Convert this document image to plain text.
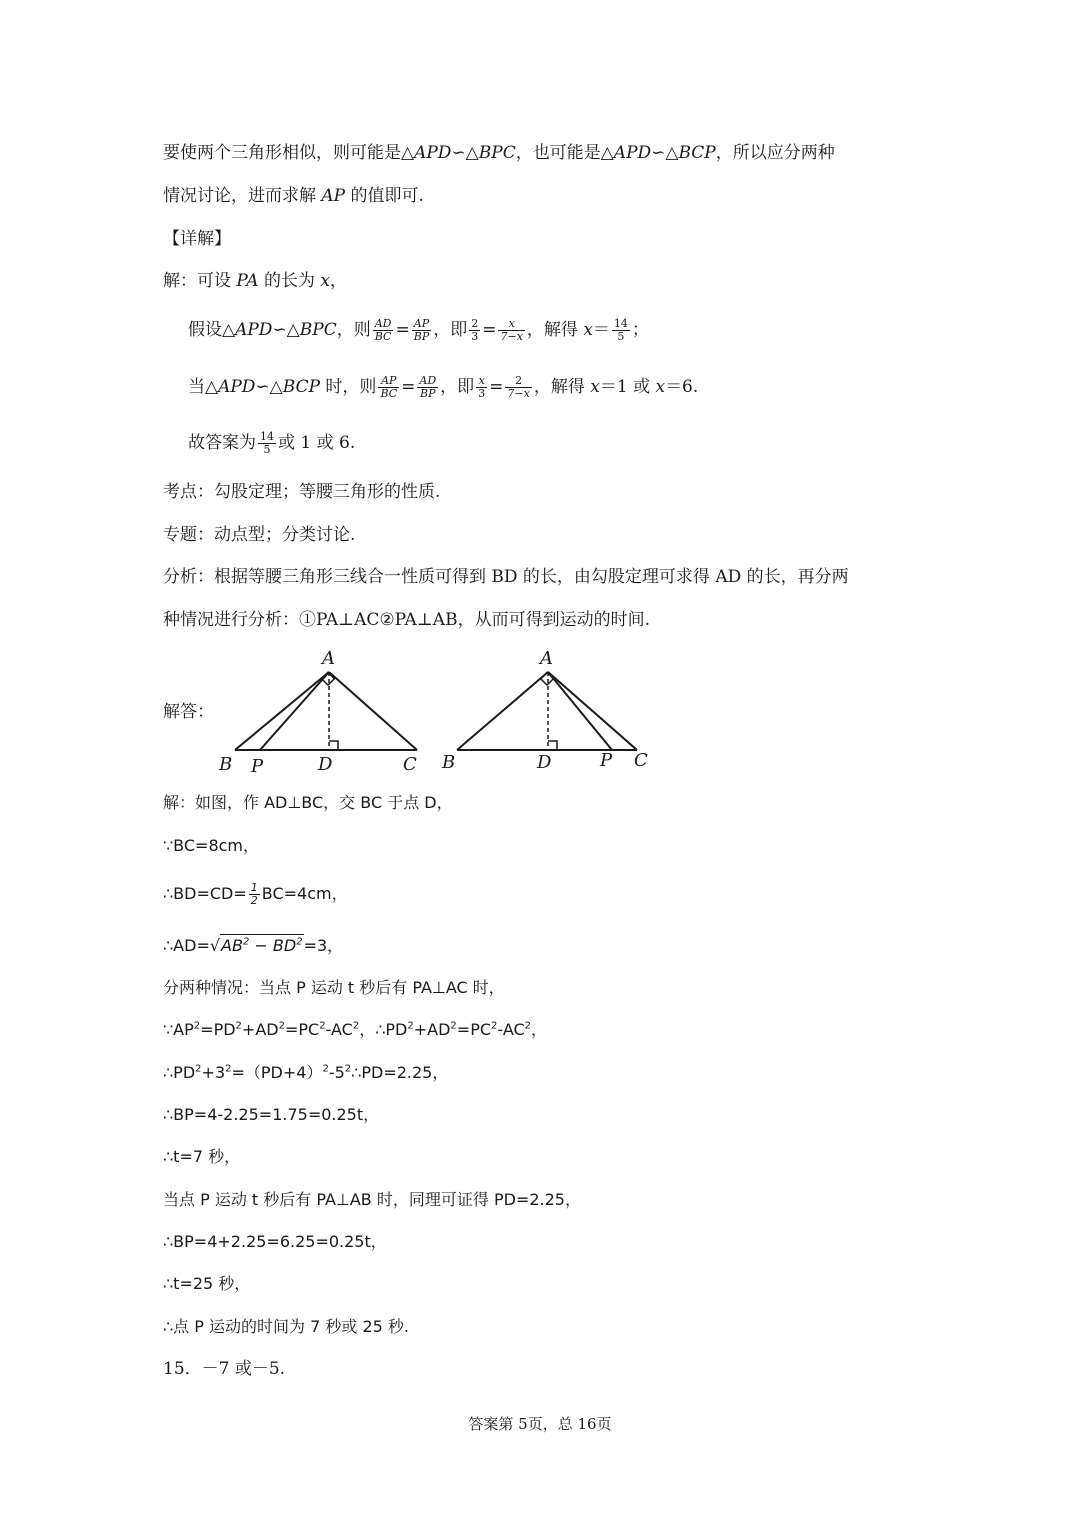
要使两个三角形相似，则可能是△APD∽△BPC，也可能是△APD∽△BCP，所以应分两种
情况讨论，进而求解 AP 的值即可.
【详解】
解：可设 PA 的长为 x，
假设△APD∽△BPC，则 $\frac{AD}{BC} = \frac{AP}{BP}$ ，即 $\frac{2}{3} = \frac{x}{7-x}$ ，解得 $x= \frac{14}{5}$ ；
当△APD∽△BCP 时，则 $\frac{AP}{BC} = \frac{AD}{BP}$ ，即 $\frac{x}{3} = \frac{2}{7-x}$ ，解得 x＝1 或 x＝6.
故答案为 $\frac{14}{5}$ 或 1 或 6.
考点：勾股定理；等腰三角形的性质.
专题：动点型；分类讨论.
分析：根据等腰三角形三线合一性质可得到 BD 的长，由勾股定理可求得 AD 的长，再分两
种情况进行分析：①PA⊥AC②PA⊥AB，从而可得到运动的时间.
解答：
A
B P	D	C
A
B	D	P C
解：如图，作 AD⊥BC，交 BC 于点 D，
∵BC=8cm，
∴BD=CD= $\frac{1}{2} BC=4cm$，
$\therefore AD=√AB^2 - BD^2=3$，
分两种情况：当点 P 运动 t 秒后有 PA⊥AC 时，
$\because AP^2=PD^2+AD^2=PC^2-AC^2$，$\therefore PD^2+AD^2=PC^2-AC^2$，
$\therefore PD^2+3^2=(PD+4)^2-5^2\therefore PD=2.25$，
∴BP=4-2.25=1.75=0.25t，
∴t=7 秒，
当点 P 运动 t 秒后有 PA⊥AB 时，同理可证得 PD=2.25，
∴BP=4+2.25=6.25=0.25t，
∴t=25 秒，
∴点 P 运动的时间为 7 秒或 25 秒.
15．－7 或－5.
答案第 5页，总 16页
